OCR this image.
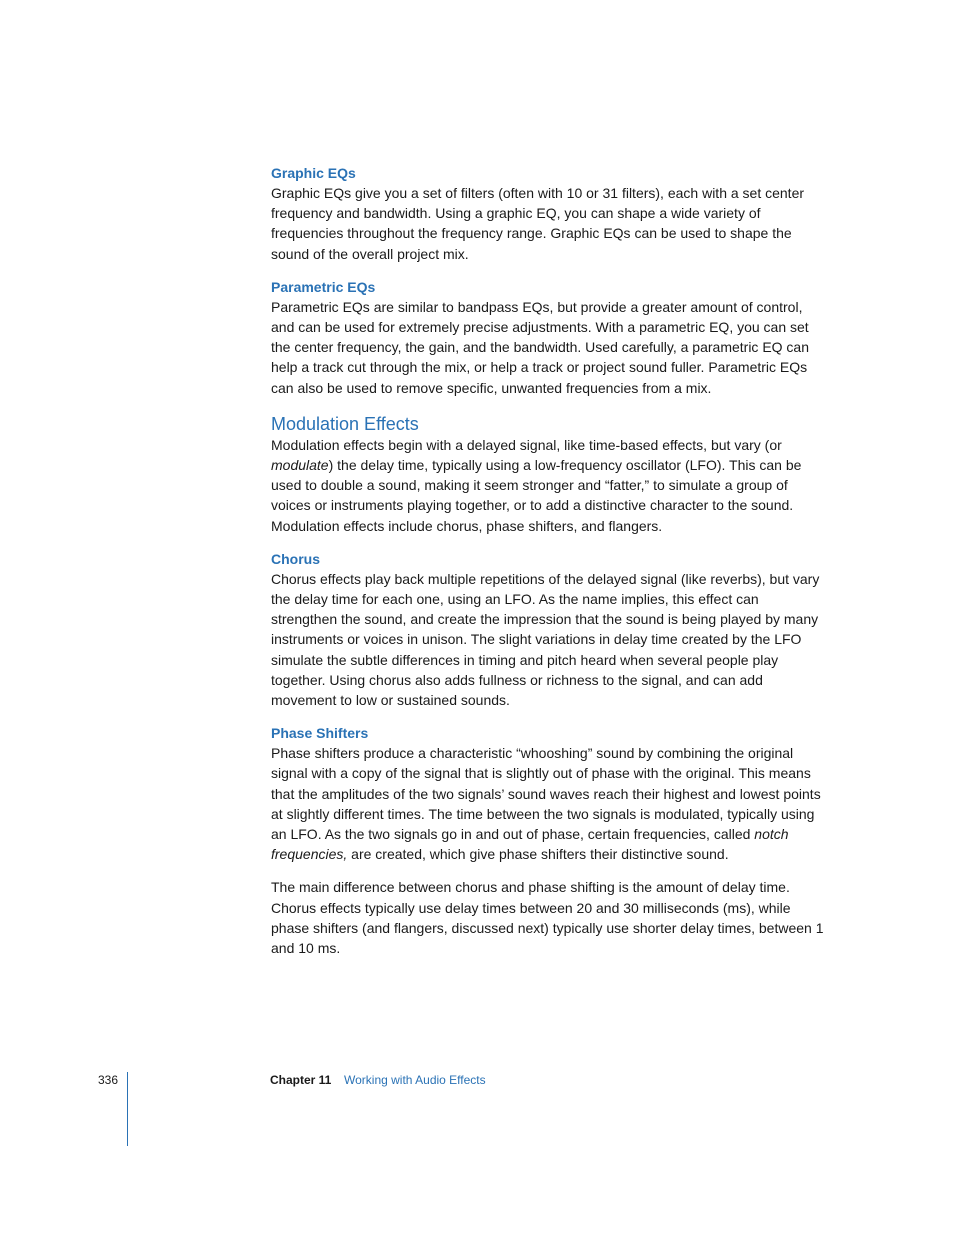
Graphic EQs

Graphic EQs give you a set of filters (often with 10 or 31 filters), each with a set center frequency and bandwidth. Using a graphic EQ, you can shape a wide variety of frequencies throughout the frequency range. Graphic EQs can be used to shape the sound of the overall project mix.

Parametric EQs

Parametric EQs are similar to bandpass EQs, but provide a greater amount of control, and can be used for extremely precise adjustments. With a parametric EQ, you can set the center frequency, the gain, and the bandwidth. Used carefully, a parametric EQ can help a track cut through the mix, or help a track or project sound fuller. Parametric EQs can also be used to remove specific, unwanted frequencies from a mix.

Modulation Effects

Modulation effects begin with a delayed signal, like time-based effects, but vary (or modulate) the delay time, typically using a low-frequency oscillator (LFO). This can be used to double a sound, making it seem stronger and “fatter,” to simulate a group of voices or instruments playing together, or to add a distinctive character to the sound. Modulation effects include chorus, phase shifters, and flangers.

Chorus

Chorus effects play back multiple repetitions of the delayed signal (like reverbs), but vary the delay time for each one, using an LFO. As the name implies, this effect can strengthen the sound, and create the impression that the sound is being played by many instruments or voices in unison. The slight variations in delay time created by the LFO simulate the subtle differences in timing and pitch heard when several people play together. Using chorus also adds fullness or richness to the signal, and can add movement to low or sustained sounds.

Phase Shifters

Phase shifters produce a characteristic “whooshing” sound by combining the original signal with a copy of the signal that is slightly out of phase with the original. This means that the amplitudes of the two signals’ sound waves reach their highest and lowest points at slightly different times. The time between the two signals is modulated, typically using an LFO. As the two signals go in and out of phase, certain frequencies, called notch frequencies, are created, which give phase shifters their distinctive sound.

The main difference between chorus and phase shifting is the amount of delay time. Chorus effects typically use delay times between 20 and 30 milliseconds (ms), while phase shifters (and flangers, discussed next) typically use shorter delay times, between 1 and 10 ms.

336	Chapter 11 Working with Audio Effects
